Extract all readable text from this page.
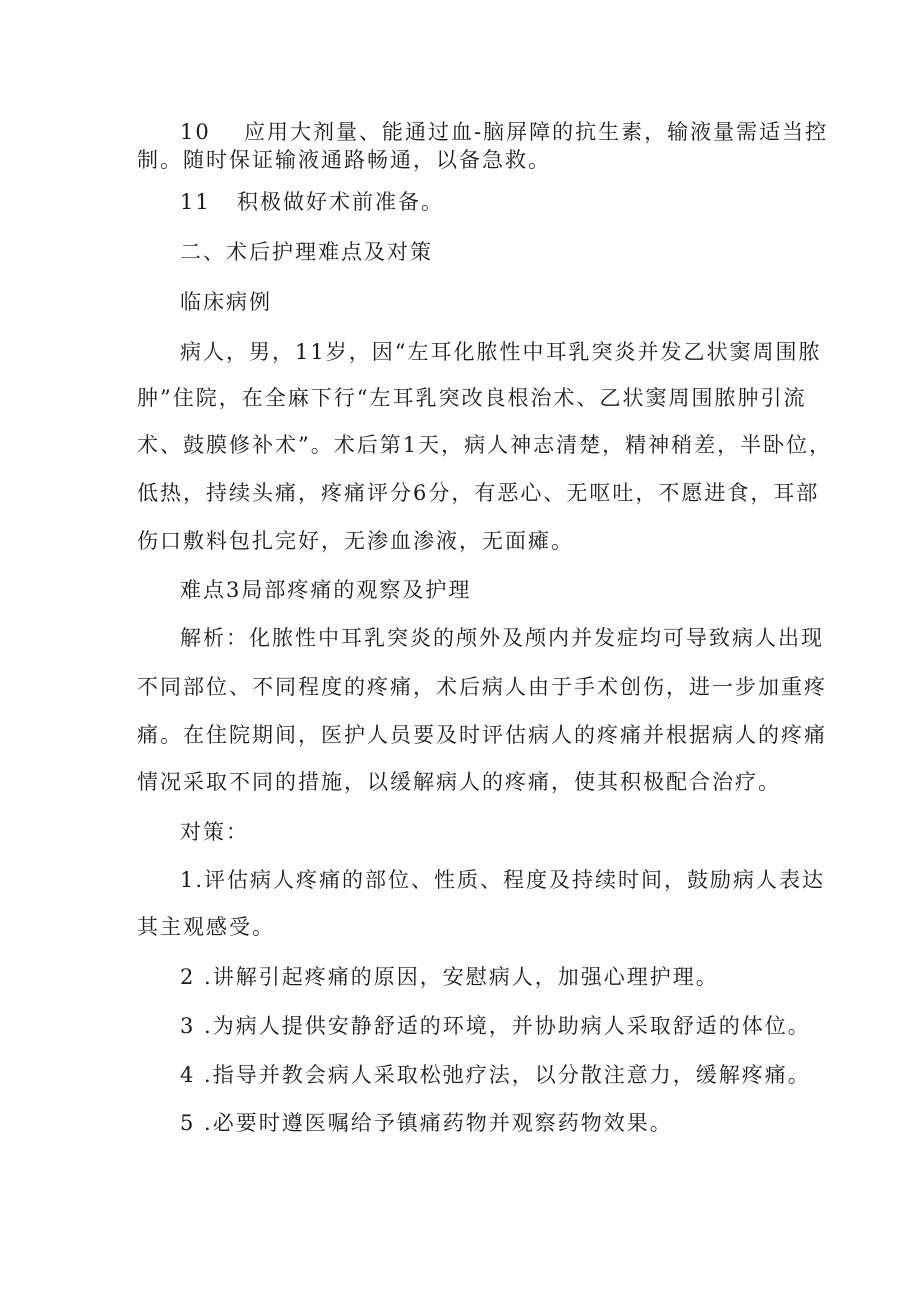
10 应用大剂量、能通过血-脑屏障的抗生素，输液量需适当控
制。随时保证输液通路畅通，以备急救。
11 积极做好术前准备。
二、术后护理难点及对策
临床病例
病人，男，11岁，因“左耳化脓性中耳乳突炎并发乙状窦周围脓
肿”住院，在全麻下行“左耳乳突改良根治术、乙状窦周围脓肿引流
术、鼓膜修补术”。术后第1天，病人神志清楚，精神稍差，半卧位，
低热，持续头痛，疼痛评分6分，有恶心、无呕吐，不愿进食，耳部
伤口敷料包扎完好，无渗血渗液，无面瘫。
难点3局部疼痛的观察及护理
解析：化脓性中耳乳突炎的颅外及颅内并发症均可导致病人出现
不同部位、不同程度的疼痛，术后病人由于手术创伤，进一步加重疼
痛。在住院期间，医护人员要及时评估病人的疼痛并根据病人的疼痛
情况采取不同的措施，以缓解病人的疼痛，使其积极配合治疗。
对策：
1.评估病人疼痛的部位、性质、程度及持续时间，鼓励病人表达
其主观感受。
2 .讲解引起疼痛的原因，安慰病人，加强心理护理。
3 .为病人提供安静舒适的环境，并协助病人采取舒适的体位。
4 .指导并教会病人采取松弛疗法，以分散注意力，缓解疼痛。
5 .必要时遵医嘱给予镇痛药物并观察药物效果。
